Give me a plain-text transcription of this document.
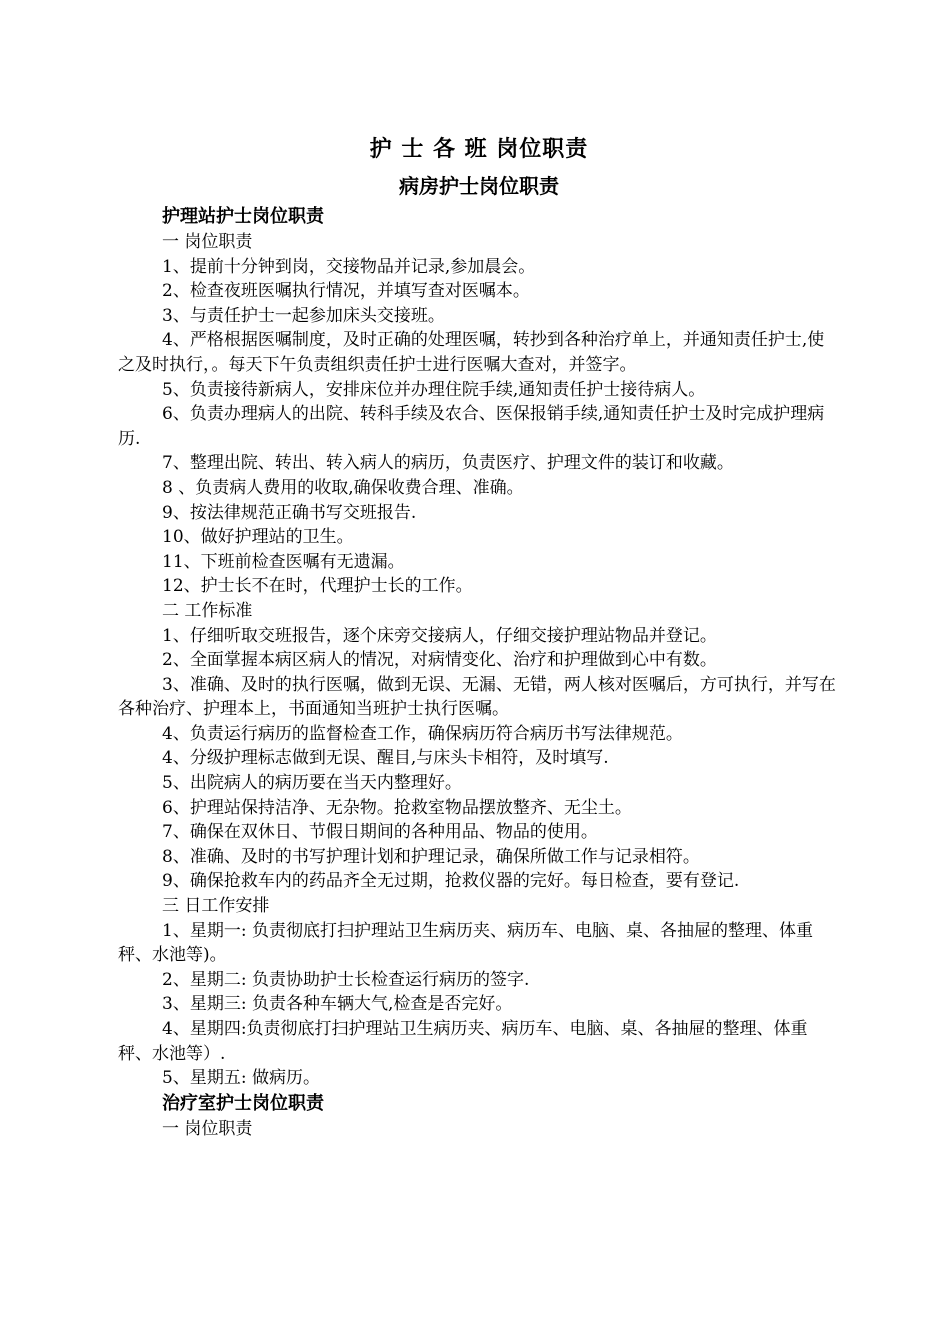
护 士 各 班 岗位职责

病房护士岗位职责

护理站护士岗位职责

一 岗位职责

1、提前十分钟到岗，交接物品并记录,参加晨会。

2、检查夜班医嘱执行情况，并填写查对医嘱本。

3、与责任护士一起参加床头交接班。

4、严格根据医嘱制度，及时正确的处理医嘱，转抄到各种治疗单上，并通知责任护士,使之及时执行，。每天下午负责组织责任护士进行医嘱大查对，并签字。

5、负责接待新病人，安排床位并办理住院手续,通知责任护士接待病人。

6、负责办理病人的出院、转科手续及农合、医保报销手续,通知责任护士及时完成护理病历.

7、整理出院、转出、转入病人的病历，负责医疗、护理文件的装订和收藏。

8 、负责病人费用的收取,确保收费合理、准确。

9、按法律规范正确书写交班报告.

10、做好护理站的卫生。

11、下班前检查医嘱有无遗漏。

12、护士长不在时，代理护士长的工作。

二 工作标准

1、仔细听取交班报告，逐个床旁交接病人，仔细交接护理站物品并登记。

2、全面掌握本病区病人的情况，对病情变化、治疗和护理做到心中有数。

3、准确、及时的执行医嘱，做到无误、无漏、无错，两人核对医嘱后，方可执行，并写在各种治疗、护理本上，书面通知当班护士执行医嘱。

4、负责运行病历的监督检查工作，确保病历符合病历书写法律规范。

4、分级护理标志做到无误、醒目,与床头卡相符，及时填写.

5、出院病人的病历要在当天内整理好。

6、护理站保持洁净、无杂物。抢救室物品摆放整齐、无尘土。

7、确保在双休日、节假日期间的各种用品、物品的使用。

8、准确、及时的书写护理计划和护理记录，确保所做工作与记录相符。

9、确保抢救车内的药品齐全无过期，抢救仪器的完好。每日检查，要有登记.

三 日工作安排

1、星期一: 负责彻底打扫护理站卫生病历夹、病历车、电脑、桌、各抽屉的整理、体重秤、水池等)。

2、星期二: 负责协助护士长检查运行病历的签字.

3、星期三: 负责各种车辆大气,检查是否完好。

4、星期四:负责彻底打扫护理站卫生病历夹、病历车、电脑、桌、各抽屉的整理、体重秤、水池等）.

5、星期五: 做病历。

治疗室护士岗位职责

一 岗位职责
